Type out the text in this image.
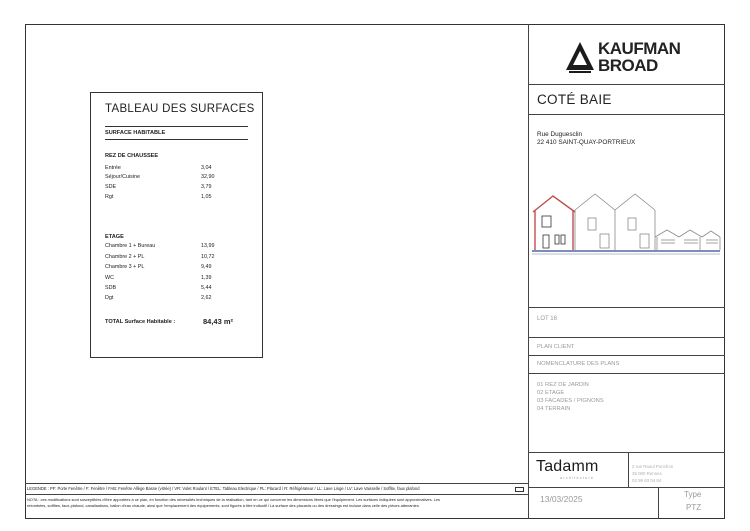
KAUFMAN
BROAD
COTÉ BAIE
Rue Duguesclin
22 410 SAINT-QUAY-PORTRIEUX
LOT 16
PLAN CLIENT
NOMENCLATURE DES PLANS
01 REZ DE JARDIN
02 ETAGE
03 FACADES / PIGNONS
04 TERRAIN
Tadamm
architecture
2 rue Raoul Ponchon
35 000 Rennes
02 99 63 04 84
13/03/2025	Type
PTZ
TABLEAU DES SURFACES
SURFACE HABITABLE
REZ DE CHAUSSEE
Entrée	3,04
Séjour/Cuisine	32,90
SDE	3,79
Rgt	1,05
ETAGE
Chambre 1 + Bureau	13,99
Chambre 2 + PL	10,72
Chambre 3 + PL	9,49
WC	1,39
SDB	5,44
Dgt	2,62
TOTAL Surface Habitable :	84,43 m²
LEGENDE : PF: Porte Fenêtre / F: Fenêtre / FAB: Fenêtre Allège Basse (vitrée) / VR: Volet Roulant / ETEL: Tableau Electrique / PL: Placard / R: Réfrigérateur / LL: Lave Linge / LV: Lave Vaisselle / Soffite, faux plafond
NOTA : ces modifications sont susceptibles d'être apportées à ce plan, en fonction des nécessités techniques de la réalisation, tant en ce qui concerne les dimensions libres que l'équipement. Les surfaces indiquées sont approximatives. Les
retombées, soffites, faux-plafond, canalisations, ballon d'eau chaude, ainsi que l'emplacement des équipements, sont figurés à titre indicatif / La surface des placards ou des dressings est incluse dans celle des pièces attenantes
